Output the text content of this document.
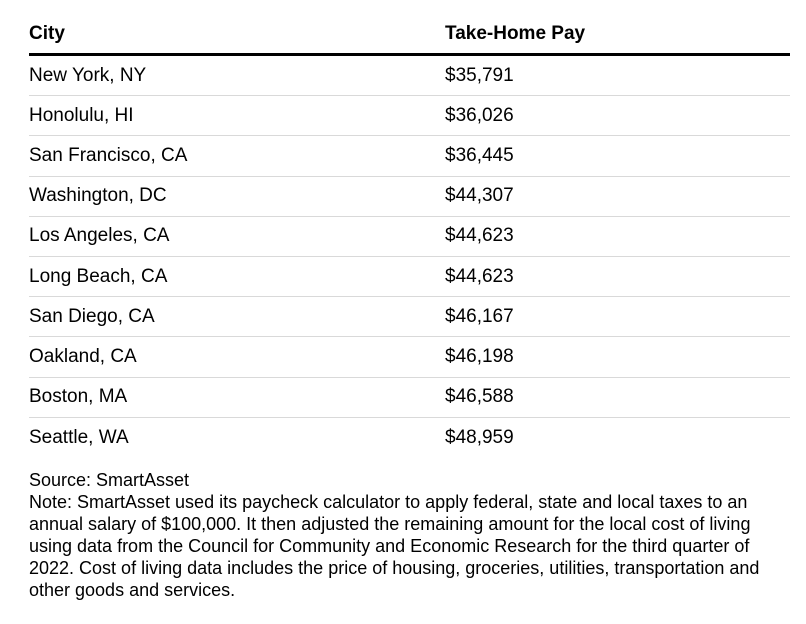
City	Take-Home Pay
New York, NY	$35,791
Honolulu, HI	$36,026
San Francisco, CA	$36,445
Washington, DC	$44,307
Los Angeles, CA	$44,623
Long Beach, CA	$44,623
San Diego, CA	$46,167
Oakland, CA	$46,198
Boston, MA	$46,588
Seattle, WA	$48,959

Source: SmartAsset

Note: SmartAsset used its paycheck calculator to apply federal, state and local taxes to an annual salary of $100,000. It then adjusted the remaining amount for the local cost of living using data from the Council for Community and Economic Research for the third quarter of 2022. Cost of living data includes the price of housing, groceries, utilities, transportation and other goods and services.
